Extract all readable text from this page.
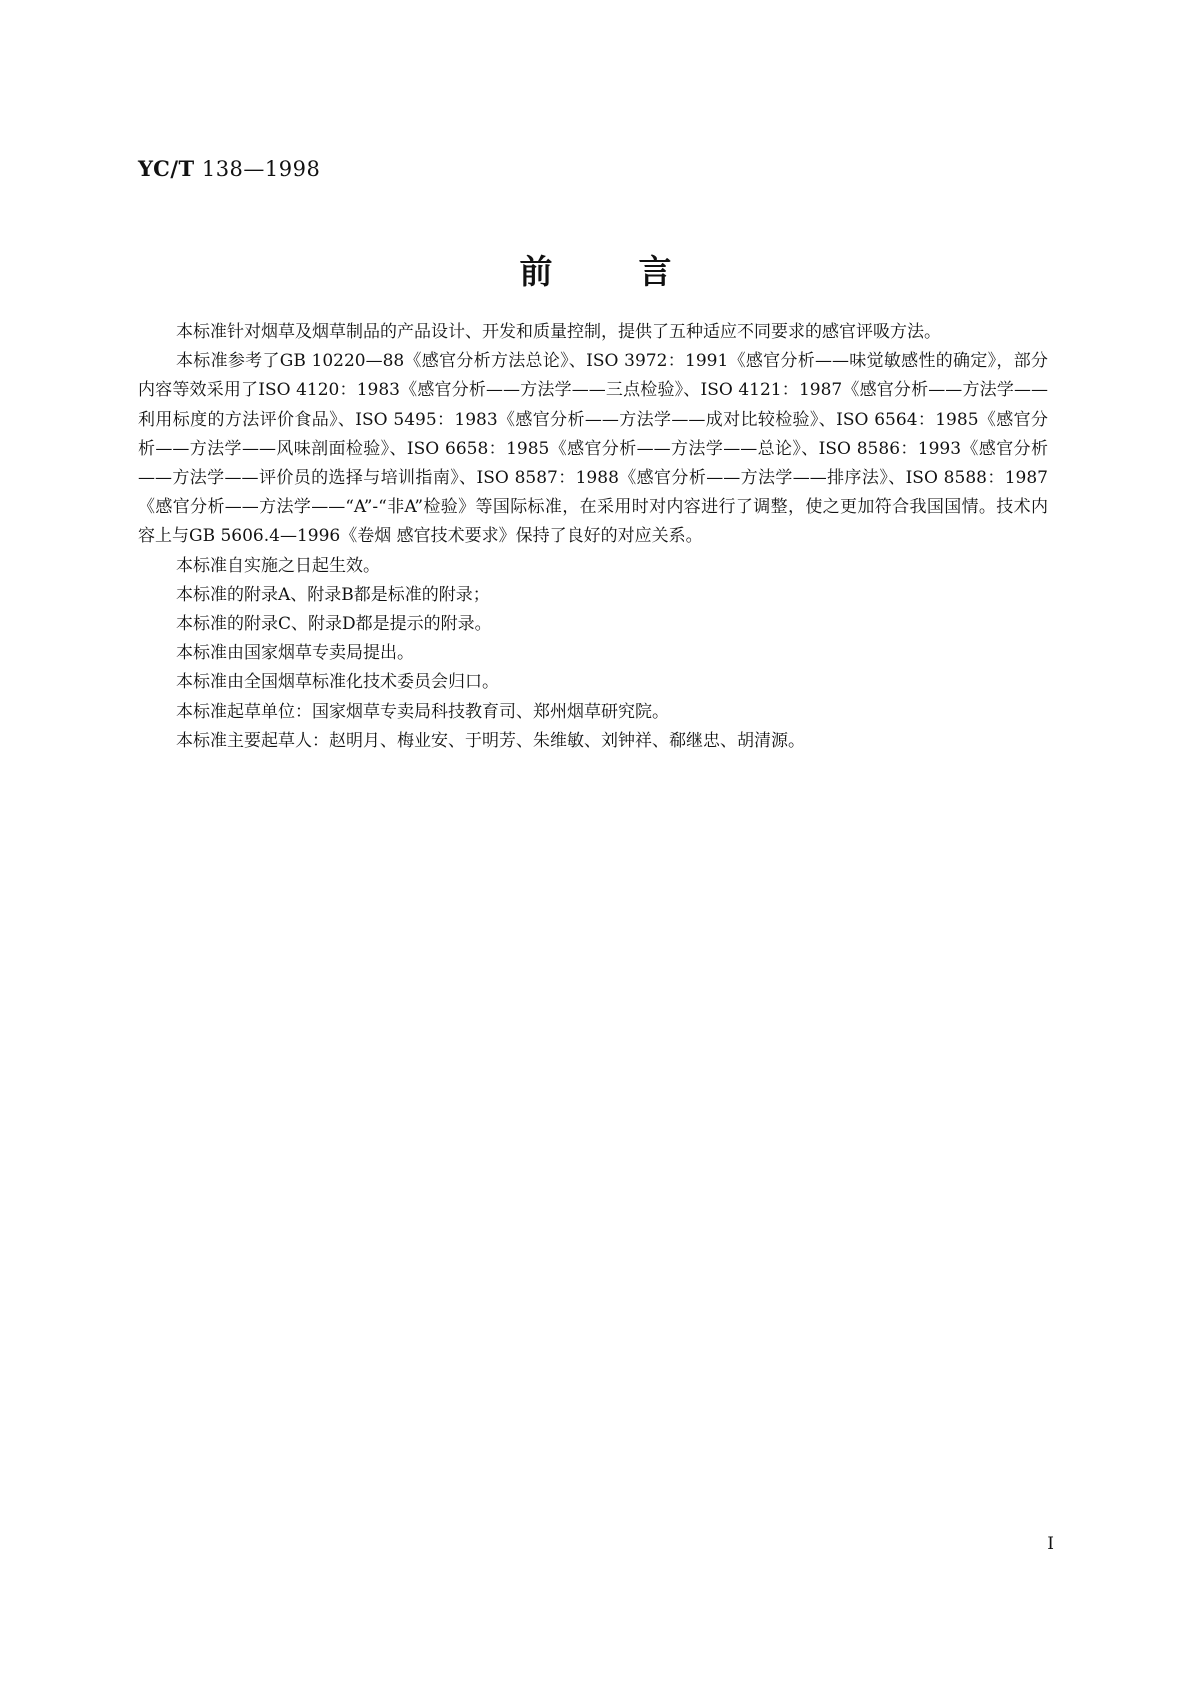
YC/T 138—1998
前言

本标准针对烟草及烟草制品的产品设计、开发和质量控制，提供了五种适应不同要求的感官评吸方法。

本标准参考了GB 10220—88《感官分析方法总论》、ISO 3972：1991《感官分析——味觉敏感性的确定》，部分内容等效采用了ISO 4120：1983《感官分析——方法学——三点检验》、ISO 4121：1987《感官分析——方法学——利用标度的方法评价食品》、ISO 5495：1983《感官分析——方法学——成对比较检验》、ISO 6564：1985《感官分析——方法学——风味剖面检验》、ISO 6658：1985《感官分析——方法学——总论》、ISO 8586：1993《感官分析——方法学——评价员的选择与培训指南》、ISO 8587：1988《感官分析——方法学——排序法》、ISO 8588：1987《感官分析——方法学——“A”-“非A”检验》等国际标准，在采用时对内容进行了调整，使之更加符合我国国情。技术内容上与GB 5606.4—1996《卷烟 感官技术要求》保持了良好的对应关系。

本标准自实施之日起生效。

本标准的附录A、附录B都是标准的附录；

本标准的附录C、附录D都是提示的附录。

本标准由国家烟草专卖局提出。

本标准由全国烟草标准化技术委员会归口。

本标准起草单位：国家烟草专卖局科技教育司、郑州烟草研究院。

本标准主要起草人：赵明月、梅业安、于明芳、朱维敏、刘钟祥、郗继忠、胡清源。

I
